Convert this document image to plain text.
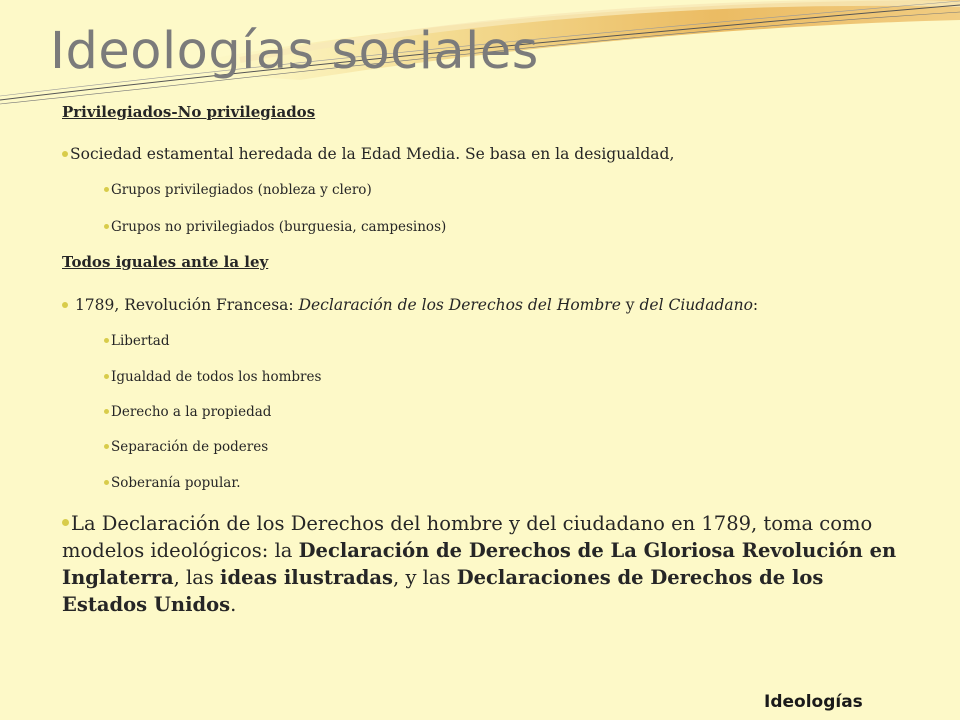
Ideologías sociales
Privilegiados-No privilegiados
Sociedad estamental heredada de la Edad Media. Se basa en la desigualdad,
Grupos privilegiados (nobleza y clero)
Grupos no privilegiados (burguesia, campesinos)
Todos iguales ante la ley
1789, Revolución Francesa: Declaración de los Derechos del Hombre y del Ciudadano:
Libertad
Igualdad de todos los hombres
Derecho a la propiedad
Separación de poderes
Soberanía popular.
La Declaración de los Derechos del hombre y del ciudadano en 1789, toma como modelos ideológicos: la Declaración de Derechos de La Gloriosa Revolución en Inglaterra, las ideas ilustradas, y las Declaraciones de Derechos de los Estados Unidos.
Ideologías
